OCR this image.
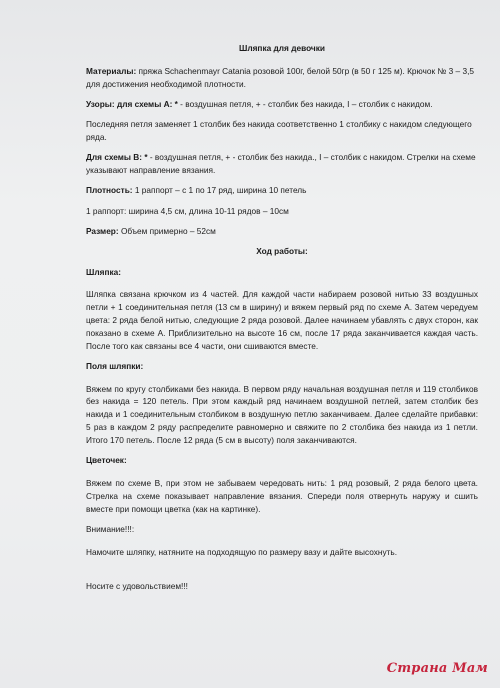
Шляпка для девочки

Материалы: пряжа Schachenmayr Catania розовой 100г, белой 50гр (в 50 г 125 м). Крючок № 3 – 3,5 для достижения необходимой плотности.

Узоры: для схемы А: * - воздушная петля, + - столбик без накида, I – столбик с накидом.

Последняя петля заменяет 1 столбик без накида соответственно 1 столбику с накидом следующего ряда.

Для схемы В: * - воздушная петля, + - столбик без накида., I – столбик с накидом. Стрелки на схеме указывают направление вязания.

Плотность: 1 раппорт – с 1 по 17 ряд, ширина 10 петель

1 раппорт: ширина 4,5 см, длина 10-11 рядов – 10см

Размер: Объем примерно – 52см

Ход работы:

Шляпка:

Шляпка связана крючком из 4 частей. Для каждой части набираем розовой нитью 33 воздушных петли + 1 соединительная петля (13 см в ширину) и вяжем первый ряд по схеме А. Затем чередуем цвета: 2 ряда белой нитью, следующие 2 ряда розовой. Далее начинаем убавлять с двух сторон, как показано в схеме А. Приблизительно на высоте 16 см, после 17 ряда заканчивается каждая часть. После того как связаны все 4 части, они сшиваются вместе.

Поля шляпки:

Вяжем по кругу столбиками без накида. В первом ряду начальная воздушная петля и 119 столбиков без накида = 120 петель. При этом каждый ряд начинаем воздушной петлей, затем столбик без накида и 1 соединительным столбиком в воздушную петлю заканчиваем. Далее сделайте прибавки: 5 раз в каждом 2 ряду распределите равномерно и свяжите по 2 столбика без накида из 1 петли. Итого 170 петель. После 12 ряда (5 см в высоту) поля заканчиваются.

Цветочек:

Вяжем по схеме В, при этом не забываем чередовать нить: 1 ряд розовый, 2 ряда белого цвета. Стрелка на схеме показывает направление вязания. Спереди поля отвернуть наружу и сшить вместе при помощи цветка (как на картинке).

Внимание!!!:

Намочите шляпку, натяните на подходящую по размеру вазу и дайте высохнуть.

Носите с удовольствием!!!

Страна Мам
